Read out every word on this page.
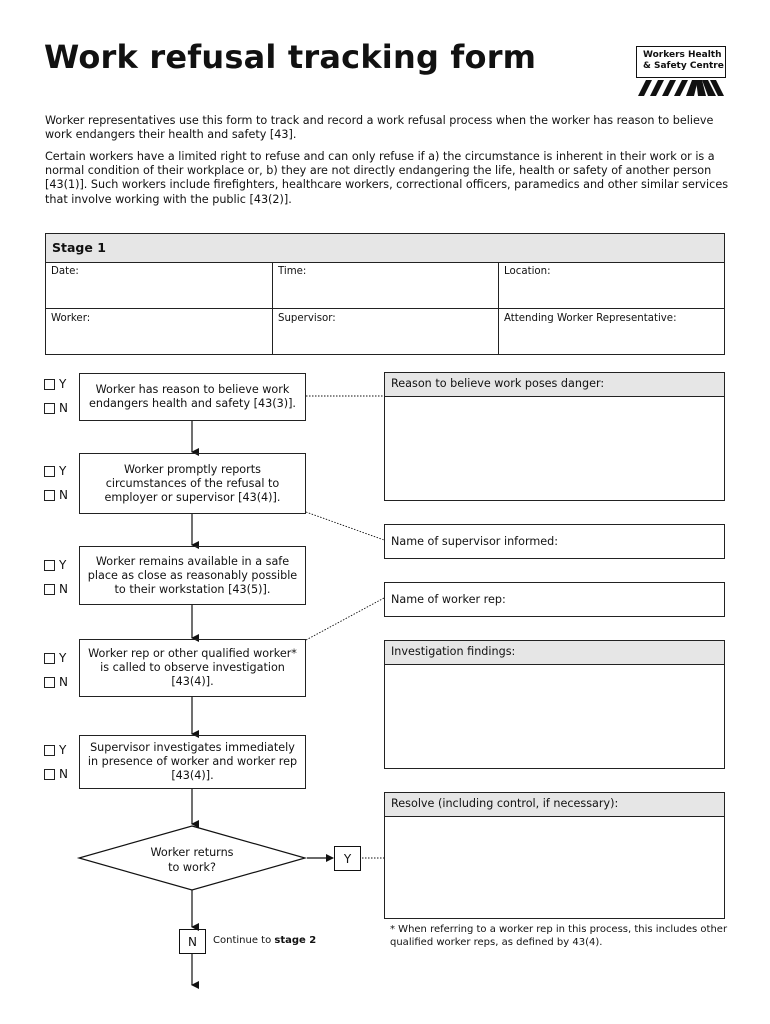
Work refusal tracking form	Workers Health
& Safety Centre
Worker representatives use this form to track and record a work refusal process when the worker has reason to believe work endangers their health and safety [43].
Certain workers have a limited right to refuse and can only refuse if a) the circumstance is inherent in their work or is a normal condition of their workplace or, b) they are not directly endangering the life, health or safety of another person [43(1)]. Such workers include firefighters, healthcare workers, correctional officers, paramedics and other similar services that involve working with the public [43(2)].
Stage 1
Date:	Time:	Location:
Worker:	Supervisor:	Attending Worker Representative:
Y
N
Worker has reason to believe work endangers health and safety [43(3)].
Y
N
Worker promptly reports circumstances of the refusal to employer or supervisor [43(4)].
Y
N
Worker remains available in a safe place as close as reasonably possible to their workstation [43(5)].
Y
N
Worker rep or other qualified worker* is called to observe investigation [43(4)].
Y
N
Supervisor investigates immediately in presence of worker and worker rep [43(4)].
Worker returns
to work?
Y
N	Continue to stage 2
Reason to believe work poses danger:
Name of supervisor informed:
Name of worker rep:
Investigation findings:
Resolve (including control, if necessary):
* When referring to a worker rep in this process, this includes other qualified worker reps, as defined by 43(4).
